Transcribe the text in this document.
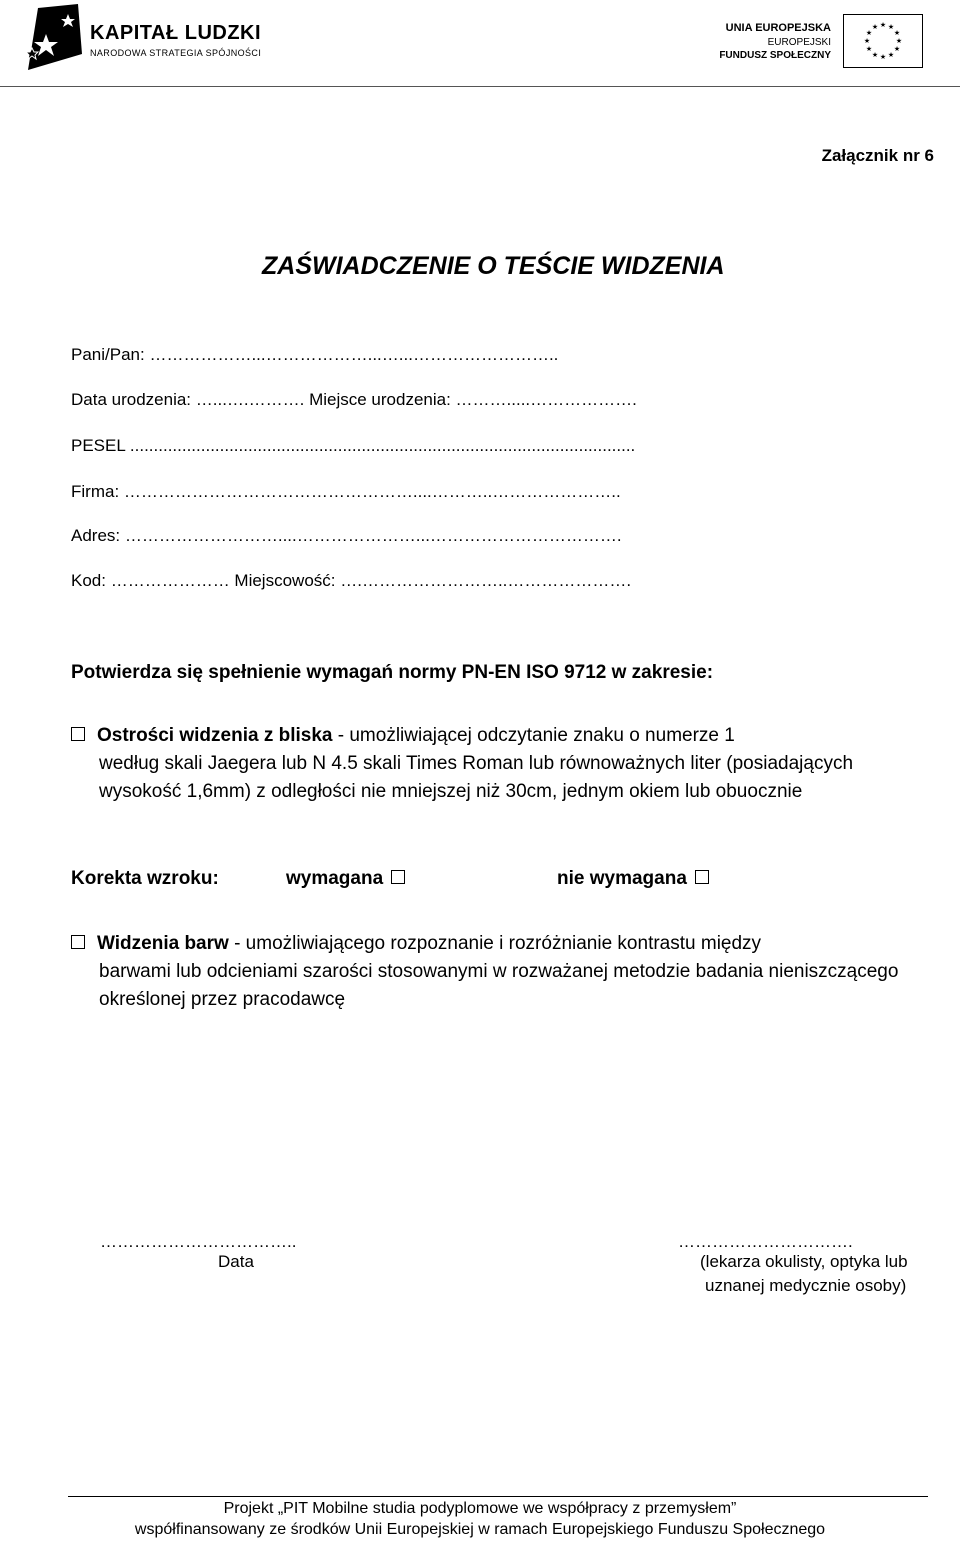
KAPITAŁ LUDZKI
NARODOWA STRATEGIA SPÓJNOŚCI
UNIA EUROPEJSKA
EUROPEJSKI
FUNDUSZ SPOŁECZNY
★ ★
★
★
★
★
★
★
★
★
★
★
Załącznik nr 6
ZAŚWIADCZENIE O TEŚCIE WIDZENIA
Pani/Pan: ………………...………………...…...……………………..
Data urodzenia: …...….………. Miejsce urodzenia: ……….....……………….
PESEL ...........................................................................................................
Firma: ……………………………………………....………..…………………..
Adres: ………………………....…………………...…………………………….
Kod: ………………… Miejscowość: ….……………………..………………….
Potwierdza się spełnienie wymagań normy PN-EN ISO 9712 w zakresie:
Ostrości widzenia z bliska - umożliwiającej odczytanie znaku o numerze 1
według skali Jaegera lub N 4.5 skali Times Roman lub równoważnych liter (posiadających wysokość 1,6mm) z odległości nie mniejszej niż 30cm, jednym okiem lub obuocznie
Korekta wzroku:	wymagana	nie wymagana
Widzenia barw - umożliwiającego rozpoznanie i rozróżnianie kontrastu między
barwami lub odcieniami szarości stosowanymi w rozważanej metodzie badania nieniszczącego określonej przez pracodawcę
……………………………..
Data
………………………….
(lekarza okulisty, optyka lub
uznanej medycznie osoby)
Projekt „PIT Mobilne studia podyplomowe we współpracy z przemysłem”
współfinansowany ze środków Unii Europejskiej w ramach Europejskiego Funduszu Społecznego
